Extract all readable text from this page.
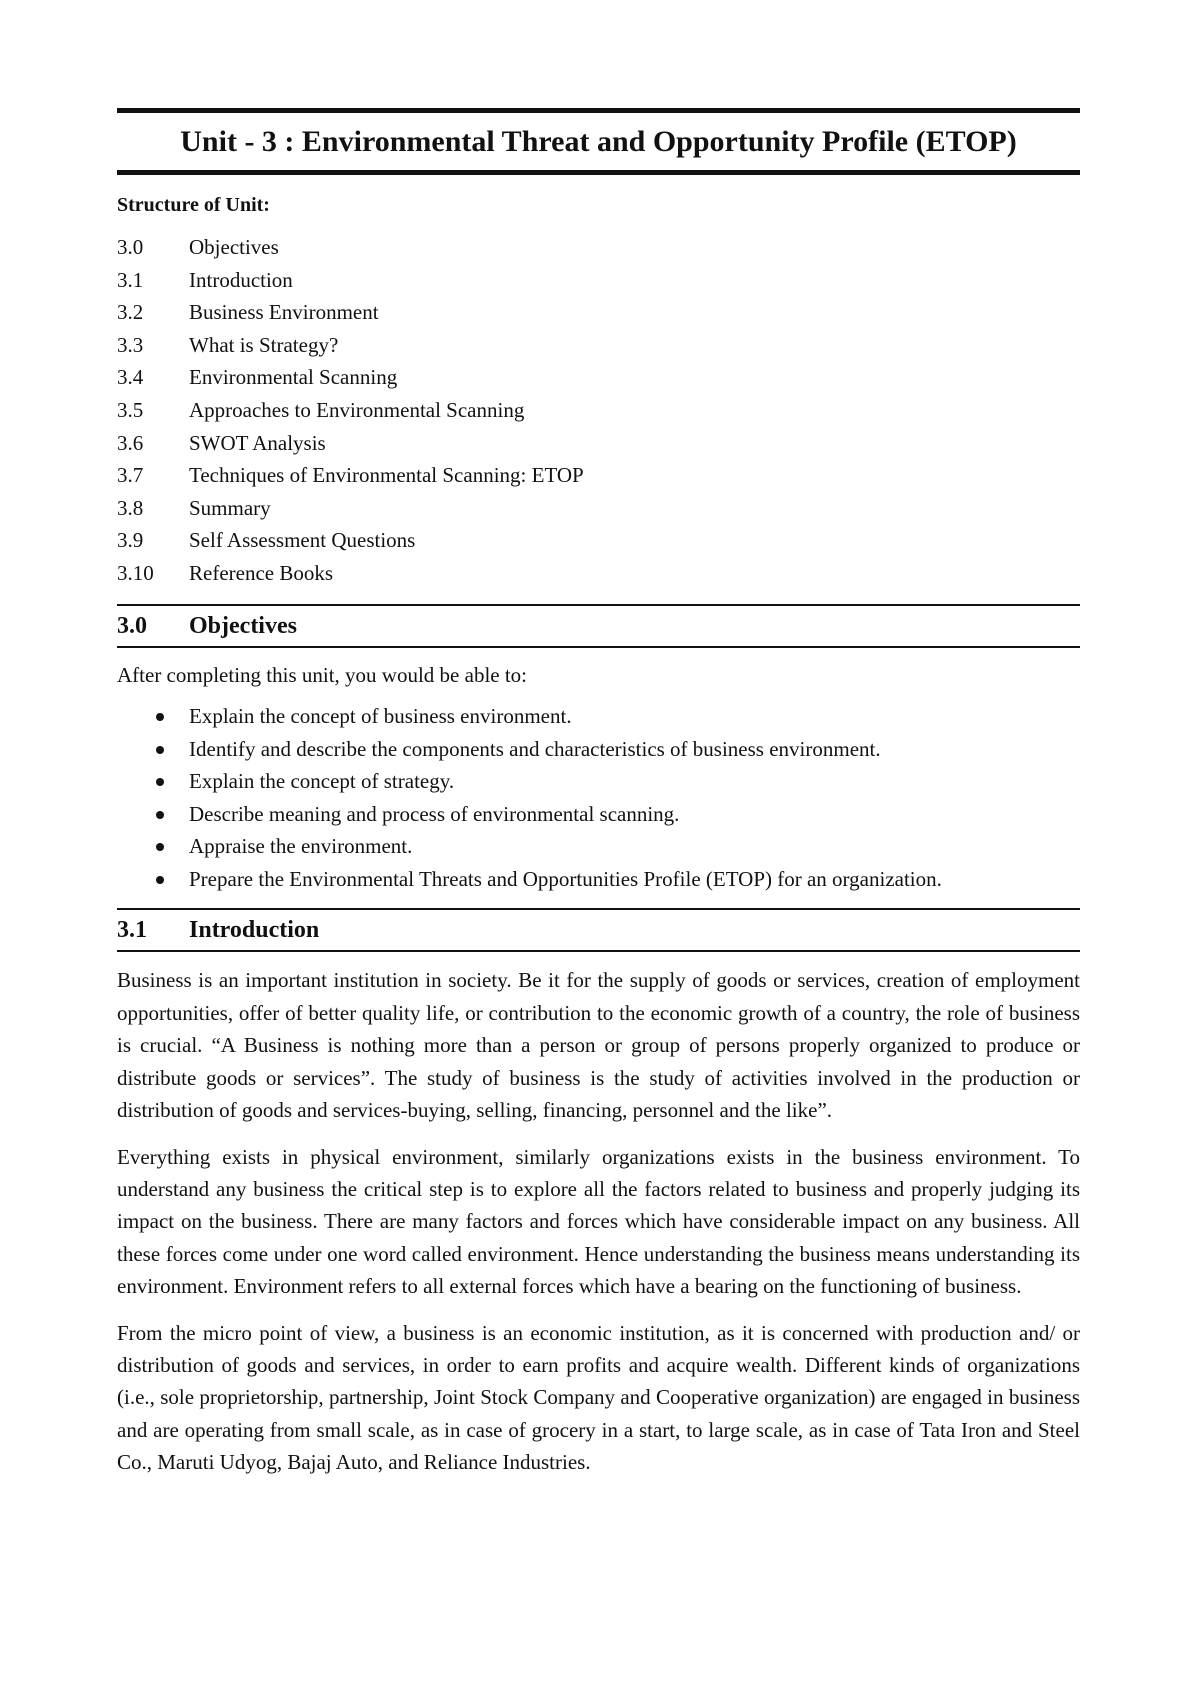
Unit - 3 : Environmental Threat and Opportunity Profile (ETOP)
Structure of Unit:
3.0	Objectives
3.1	Introduction
3.2	Business Environment
3.3	What is Strategy?
3.4	Environmental Scanning
3.5	Approaches to Environmental Scanning
3.6	SWOT Analysis
3.7	Techniques of Environmental Scanning: ETOP
3.8	Summary
3.9	Self Assessment Questions
3.10	Reference Books
3.0	Objectives

After completing this unit, you would be able to:

Explain the concept of business environment.
Identify and describe the components and characteristics of business environment.
Explain the concept of strategy.
Describe meaning and process of environmental scanning.
Appraise the environment.
Prepare the Environmental Threats and Opportunities Profile (ETOP) for an organization.
3.1	Introduction

Business is an important institution in society. Be it for the supply of goods or services, creation of employment opportunities, offer of better quality life, or contribution to the economic growth of a country, the role of business is crucial. “A Business is nothing more than a person or group of persons properly organized to produce or distribute goods or services”. The study of business is the study of activities involved in the production or distribution of goods and services-buying, selling, financing, personnel and the like”.

Everything exists in physical environment, similarly organizations exists in the business environment. To understand any business the critical step is to explore all the factors related to business and properly judging its impact on the business. There are many factors and forces which have considerable impact on any business. All these forces come under one word called environment. Hence understanding the business means understanding its environment. Environment refers to all external forces which have a bearing on the functioning of business.

From the micro point of view, a business is an economic institution, as it is concerned with production and/ or distribution of goods and services, in order to earn profits and acquire wealth. Different kinds of organizations (i.e., sole proprietorship, partnership, Joint Stock Company and Cooperative organization) are engaged in business and are operating from small scale, as in case of grocery in a start, to large scale, as in case of Tata Iron and Steel Co., Maruti Udyog, Bajaj Auto, and Reliance Industries.
